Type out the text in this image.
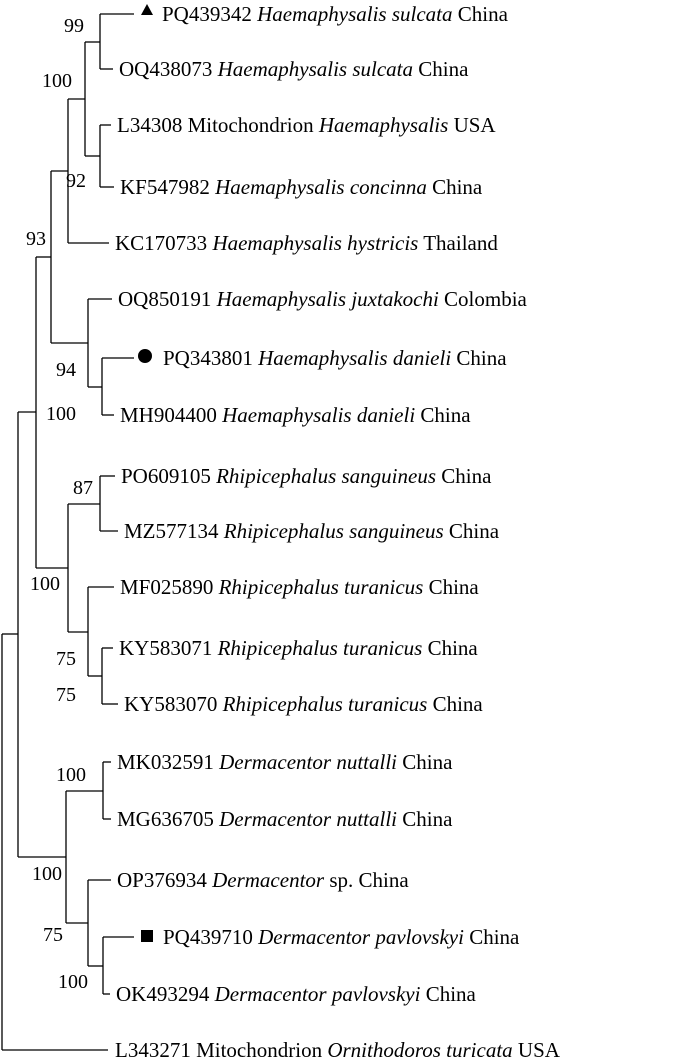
PQ439342 Haemaphysalis sulcata China
OQ438073 Haemaphysalis sulcata China
L34308 Mitochondrion Haemaphysalis USA
KF547982 Haemaphysalis concinna China
KC170733 Haemaphysalis hystricis Thailand
OQ850191 Haemaphysalis juxtakochi Colombia
PQ343801 Haemaphysalis danieli China
MH904400 Haemaphysalis danieli China
PO609105 Rhipicephalus sanguineus China
MZ577134 Rhipicephalus sanguineus China
MF025890 Rhipicephalus turanicus China
KY583071 Rhipicephalus turanicus China
KY583070 Rhipicephalus turanicus China
MK032591 Dermacentor nuttalli China
MG636705 Dermacentor nuttalli China
OP376934 Dermacentor sp. China
PQ439710 Dermacentor pavlovskyi China
OK493294 Dermacentor pavlovskyi China
L343271 Mitochondrion Ornithodoros turicata USA
99
100
92
93
94
100
87
100
75
75
100
100
75
100
